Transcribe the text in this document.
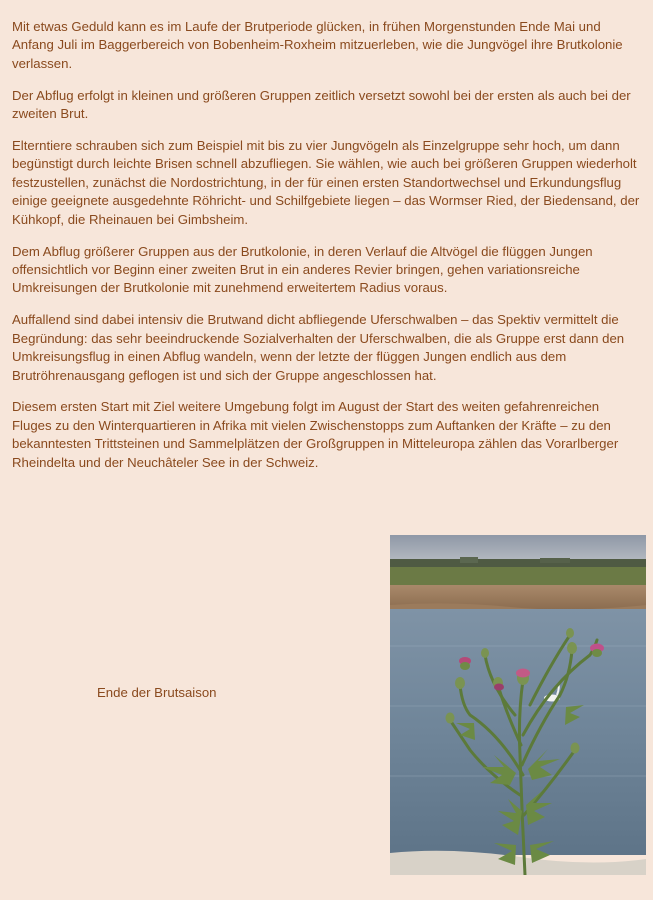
Mit etwas Geduld kann es im Laufe der Brutperiode glücken, in frühen Morgenstunden Ende Mai und Anfang Juli im Baggerbereich von Bobenheim-Roxheim mitzuerleben, wie die Jungvögel ihre Brutkolonie verlassen.

Der Abflug erfolgt in kleinen und größeren Gruppen zeitlich versetzt sowohl bei der ersten als auch bei der zweiten Brut.

Elterntiere schrauben sich zum Beispiel mit bis zu vier Jungvögeln als Einzelgruppe sehr hoch, um dann begünstigt durch leichte Brisen schnell abzufliegen. Sie wählen, wie auch bei größeren Gruppen wiederholt festzustellen, zunächst die Nordostrichtung, in der für einen ersten Standortwechsel und Erkundungsflug einige geeignete ausgedehnte Röhricht- und Schilfgebiete liegen – das Wormser Ried, der Biedensand, der Kühkopf, die Rheinauen bei Gimbsheim.

Dem Abflug größerer Gruppen aus der Brutkolonie, in deren Verlauf die Altvögel die flüggen Jungen offensichtlich vor Beginn einer zweiten Brut in ein anderes Revier bringen, gehen variationsreiche Umkreisungen der Brutkolonie mit zunehmend erweitertem Radius voraus.

Auffallend sind dabei intensiv die Brutwand dicht abfliegende Uferschwalben – das Spektiv vermittelt die Begründung: das sehr beeindruckende Sozialverhalten der Uferschwalben, die als Gruppe erst dann den Umkreisungsflug in einen Abflug wandeln, wenn der letzte der flüggen Jungen endlich aus dem Brutröhrenausgang geflogen ist und sich der Gruppe angeschlossen hat.

Diesem ersten Start mit Ziel weitere Umgebung folgt im August der Start des weiten gefahrenreichen Fluges zu den Winterquartieren in Afrika mit vielen Zwischenstopps zum Auftanken der Kräfte – zu den bekanntesten Trittsteinen und Sammelplätzen der Großgruppen in Mitteleuropa zählen das Vorarlberger Rheindelta und der Neuchâteler See in der Schweiz.

Ende der Brutsaison
